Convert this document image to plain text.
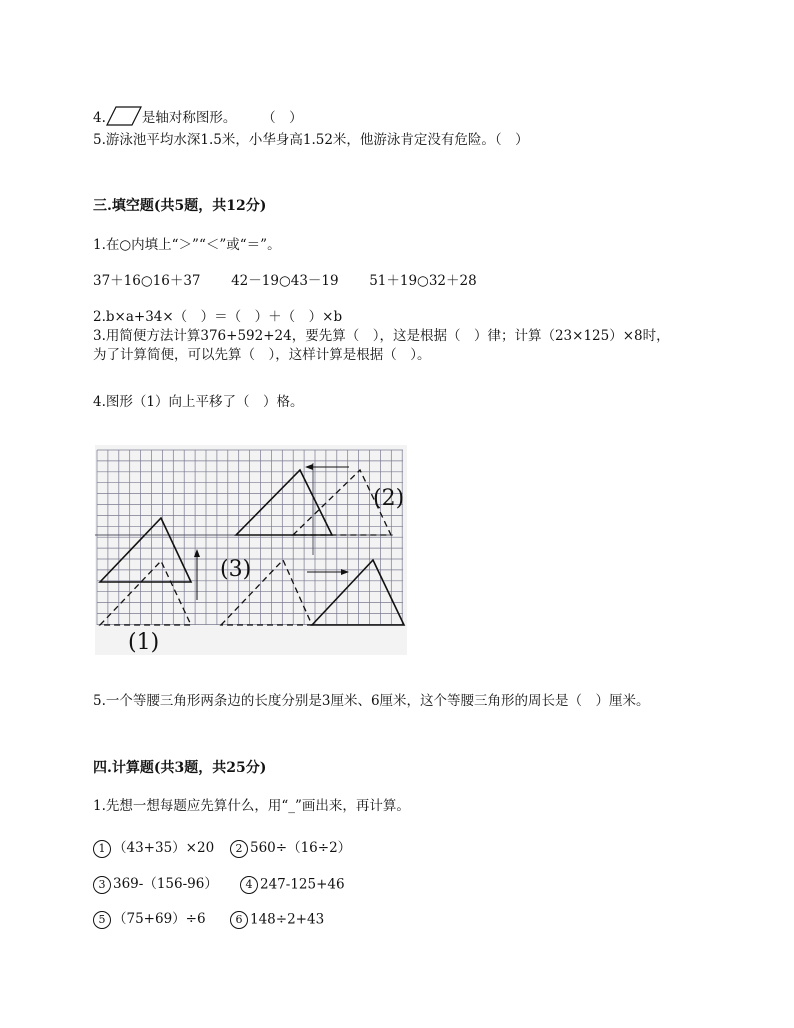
4.	是轴对称图形。 （　）
5.游泳池平均水深1.5米，小华身高1.52米，他游泳肯定没有危险。（　）
三.填空题(共5题，共12分)
1.在○内填上“＞”“＜”或“＝”。
37＋16○16＋37 42－19○43－19 51＋19○32＋28
2.b×a+34×（　）＝（　）＋（　）×b
3.用简便方法计算376+592+24，要先算（　），这是根据（　）律；计算（23×125）×8时，为了计算简便，可以先算（　），这样计算是根据（　）。
4.图形（1）向上平移了（　）格。
(1)
(2)
(3)
5.一个等腰三角形两条边的长度分别是3厘米、6厘米，这个等腰三角形的周长是（　）厘米。
四.计算题(共3题，共25分)
1.先想一想每题应先算什么，用“_”画出来，再计算。
1 （43+35）×20 2 560÷（16÷2）
3 369-（156-96）	4 247-125+46
5 （75+69）÷6	6 148÷2+43
